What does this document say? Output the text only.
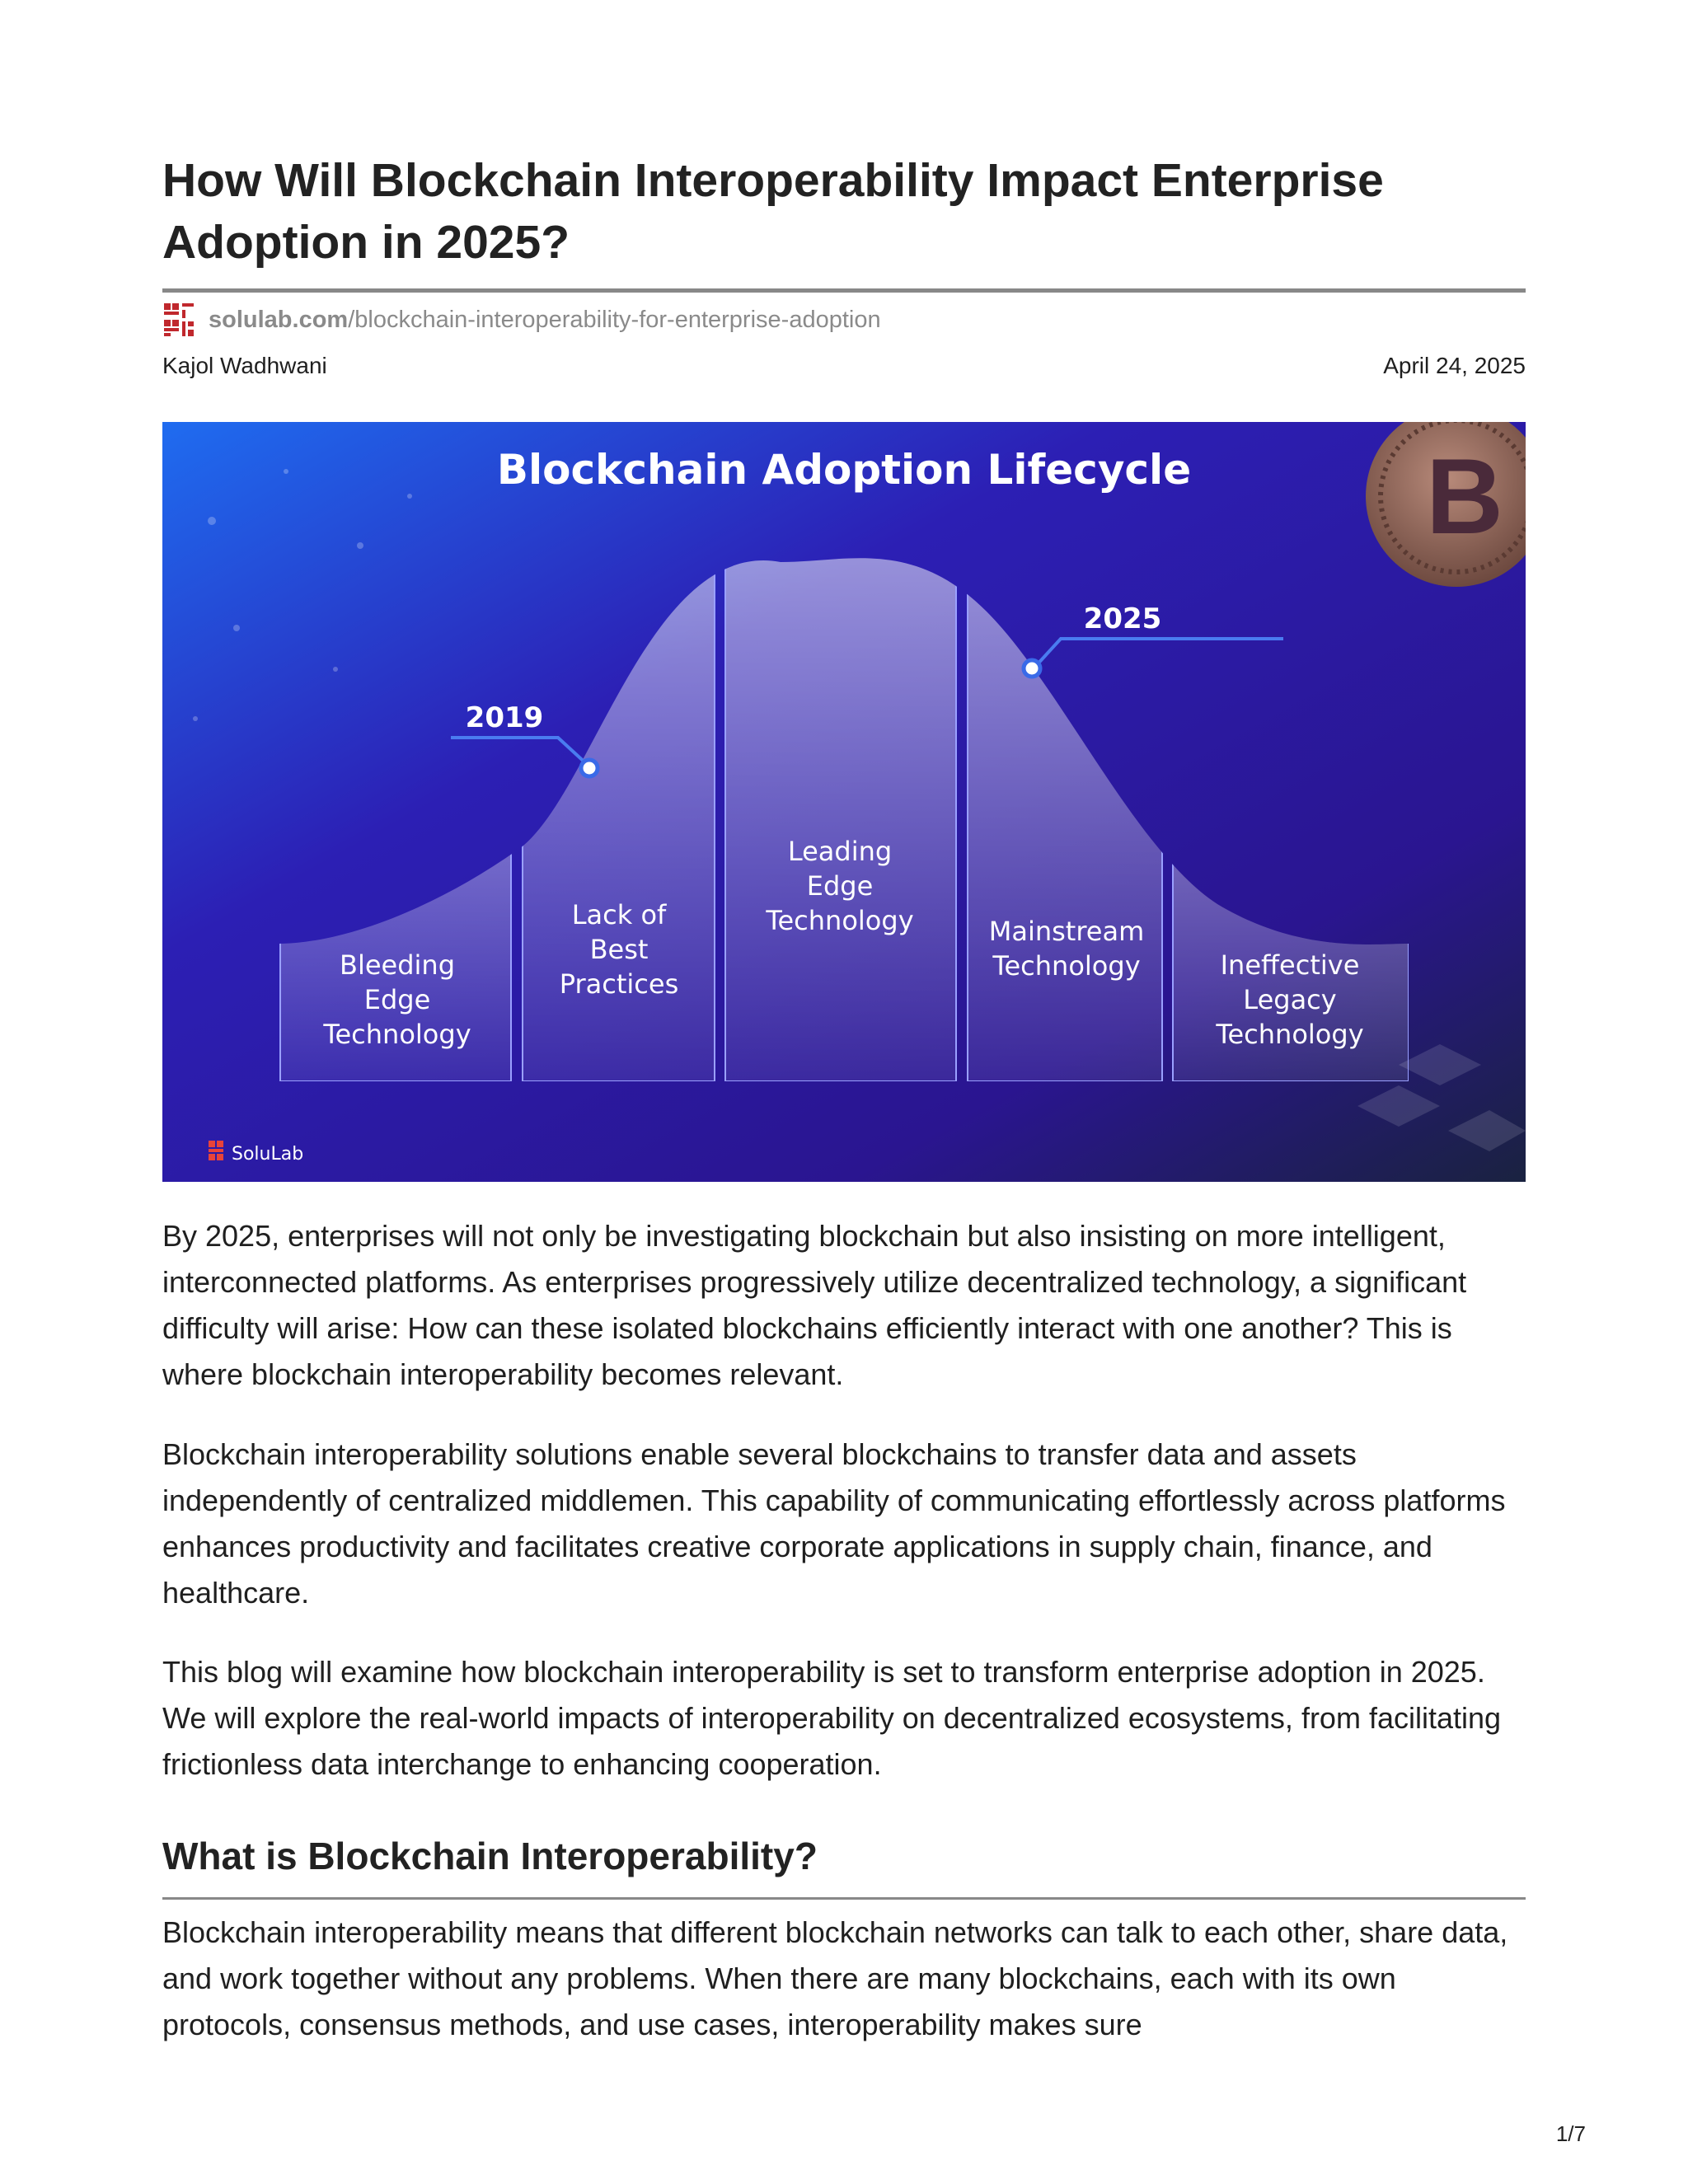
How Will Blockchain Interoperability Impact Enterprise Adoption in 2025?
solulab.com/blockchain-interoperability-for-enterprise-adoption
Kajol Wadhwani	April 24, 2025
B
Blockchain Adoption Lifecycle
Bleeding Edge Technology
Lack of Best Practices
Leading Edge Technology	Mainstream Technology	Ineffective Legacy Technology
2019
2025
SoluLab

By 2025, enterprises will not only be investigating blockchain but also insisting on more intelligent, interconnected platforms. As enterprises progressively utilize decentralized technology, a significant difficulty will arise: How can these isolated blockchains efficiently interact with one another? This is where blockchain interoperability becomes relevant.

Blockchain interoperability solutions enable several blockchains to transfer data and assets independently of centralized middlemen. This capability of communicating effortlessly across platforms enhances productivity and facilitates creative corporate applications in supply chain, finance, and healthcare.

This blog will examine how blockchain interoperability is set to transform enterprise adoption in 2025. We will explore the real-world impacts of interoperability on decentralized ecosystems, from facilitating frictionless data interchange to enhancing cooperation.

What is Blockchain Interoperability?

Blockchain interoperability means that different blockchain networks can talk to each other, share data, and work together without any problems. When there are many blockchains, each with its own protocols, consensus methods, and use cases, interoperability makes sure

1/7
